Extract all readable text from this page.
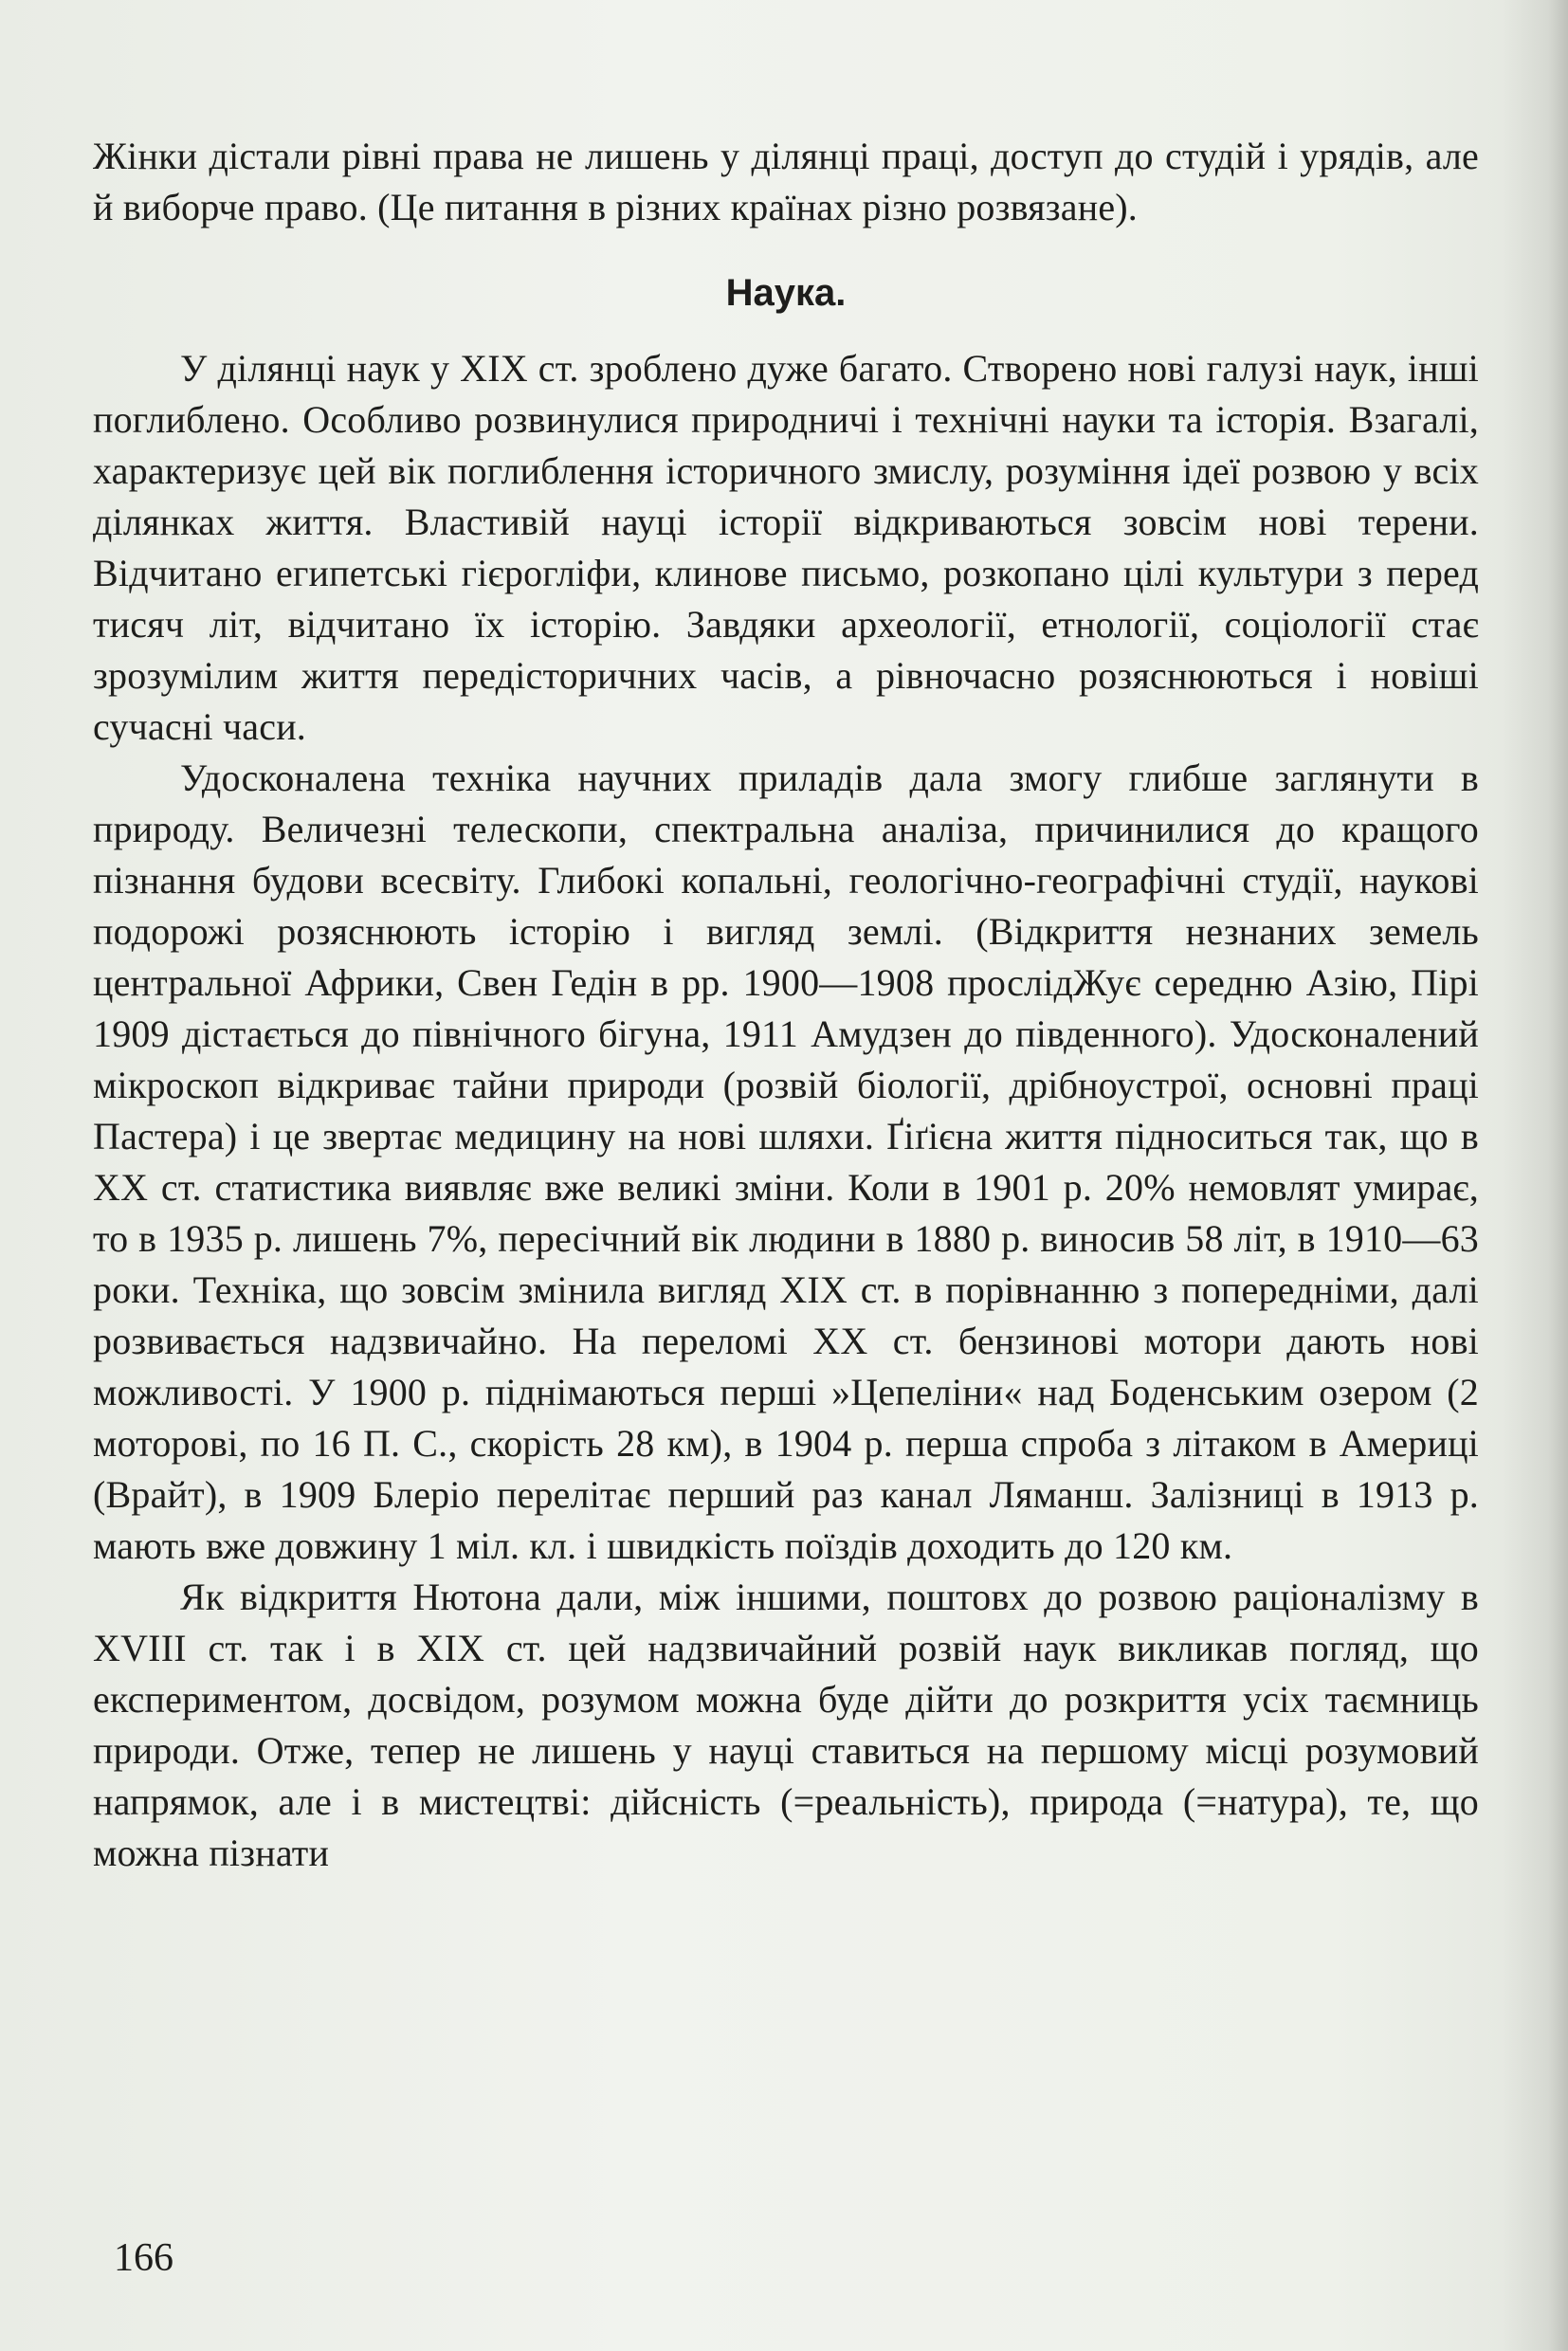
Жінки дістали рівні права не лишень у ділянці праці, доступ до студій і урядів, але й виборче право. (Це питання в різних країнах різно розвязане).

Наука.

У ділянці наук у XIX ст. зроблено дуже багато. Створено нові галузі наук, інші поглиблено. Особливо розвинулися природничі і технічні науки та історія. Взагалі, характеризує цей вік поглиблення історичного змислу, розуміння ідеї розвою у всіх ділянках життя. Властивій науці історії відкриваються зовсім нові терени. Відчитано египетські гієрогліфи, клинове письмо, розкопано цілі культури з перед тисяч літ, відчитано їх історію. Завдяки археології, етнології, соціології стає зрозумілим життя передісторичних часів, а рівночасно розяснюються і новіші сучасні часи.

Удосконалена техніка научних приладів дала змогу глибше заглянути в природу. Величезні телескопи, спектральна аналіза, причинилися до кращого пізнання будови всесвіту. Глибокі копальні, геологічно-географічні студії, наукові подорожі розяснюють історію і вигляд землі. (Відкриття незнаних земель центральної Африки, Свен Гедін в рр. 1900—1908 прослідЖує середню Азію, Пірі 1909 дістається до північного бігуна, 1911 Амудзен до південного). Удосконалений мікроскоп відкриває тайни природи (розвій біології, дрібноустрої, основні праці Пастера) і це звертає медицину на нові шляхи. Ґіґієна життя підноситься так, що в XX ст. статистика виявляє вже великі зміни. Коли в 1901 р. 20% немовлят умирає, то в 1935 р. лишень 7%, пересічний вік людини в 1880 р. виносив 58 літ, в 1910—63 роки. Техніка, що зовсім змінила вигляд XIX ст. в порівнанню з попередніми, далі розвивається надзвичайно. На переломі XX ст. бензинові мотори дають нові можливості. У 1900 р. піднімаються перші »Цепеліни« над Боденським озером (2 моторові, по 16 П. С., скорість 28 км), в 1904 р. перша спроба з літаком в Америці (Врайт), в 1909 Блеріо перелітає перший раз канал Ляманш. Залізниці в 1913 р. мають вже довжину 1 міл. кл. і швидкість поїздів доходить до 120 км.

Як відкриття Нютона дали, між іншими, поштовх до розвою раціоналізму в XVIII ст. так і в XIX ст. цей надзвичайний розвій наук викликав погляд, що експериментом, досвідом, розумом можна буде дійти до розкриття усіх таємниць природи. Отже, тепер не лишень у науці ставиться на першому місці розумовий напрямок, але і в мистецтві: дійсність (=реальність), природа (=натура), те, що можна пізнати

166
